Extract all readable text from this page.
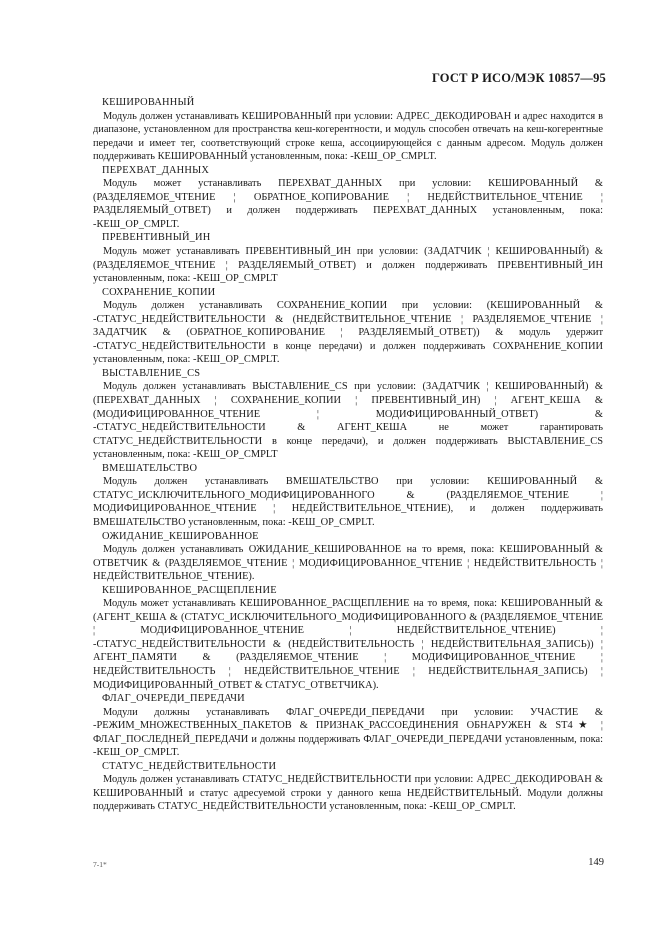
ГОСТ Р ИСО/МЭК 10857—95
КЕШИРОВАННЫЙ

Модуль должен устанавливать КЕШИРОВАННЫЙ при условии: АДРЕС_ДЕКОДИРОВАН и адрес находится в диапазоне, установленном для пространства кеш-когерентности, и модуль способен отвечать на кеш-когерентные передачи и имеет тег, соответствующий строке кеша, ассоциирующейся с данным адресом. Модуль должен поддерживать КЕШИРОВАННЫЙ установленным, пока: -КЕШ_OP_CMPLT.

ПЕРЕХВАТ_ДАННЫХ

Модуль может устанавливать ПЕРЕХВАТ_ДАННЫХ при условии: КЕШИРОВАННЫЙ & (РАЗДЕЛЯЕМОЕ_ЧТЕНИЕ ¦ ОБРАТНОЕ_КОПИРОВАНИЕ ¦ НЕДЕЙСТВИТЕЛЬНОЕ_ЧТЕНИЕ ¦ РАЗДЕЛЯЕМЫЙ_ОТВЕТ) и должен поддерживать ПЕРЕХВАТ_ДАННЫХ установленным, пока: -КЕШ_OP_CMPLT.

ПРЕВЕНТИВНЫЙ_ИН

Модуль может устанавливать ПРЕВЕНТИВНЫЙ_ИН при условии: (ЗАДАТЧИК ¦ КЕШИРОВАННЫЙ) & (РАЗДЕЛЯЕМОЕ_ЧТЕНИЕ ¦ РАЗДЕЛЯЕМЫЙ_ОТВЕТ) и должен поддерживать ПРЕВЕНТИВНЫЙ_ИН установленным, пока: -КЕШ_OP_CMPLT

СОХРАНЕНИЕ_КОПИИ

Модуль должен устанавливать СОХРАНЕНИЕ_КОПИИ при условии: (КЕШИРОВАННЫЙ & -СТАТУС_НЕДЕЙСТВИТЕЛЬНОСТИ & (НЕДЕЙСТВИТЕЛЬНОЕ_ЧТЕНИЕ ¦ РАЗДЕЛЯЕМОЕ_ЧТЕНИЕ ¦ ЗАДАТЧИК & (ОБРАТНОЕ_КОПИРОВАНИЕ ¦ РАЗДЕЛЯЕМЫЙ_ОТВЕТ)) & модуль удержит -СТАТУС_НЕДЕЙСТВИТЕЛЬНОСТИ в конце передачи) и должен поддерживать СОХРАНЕНИЕ_КОПИИ установленным, пока: -КЕШ_OP_CMPLT.

ВЫСТАВЛЕНИЕ_CS

Модуль должен устанавливать ВЫСТАВЛЕНИЕ_CS при условии: (ЗАДАТЧИК ¦ КЕШИРОВАННЫЙ) & (ПЕРЕХВАТ_ДАННЫХ ¦ СОХРАНЕНИЕ_КОПИИ ¦ ПРЕВЕНТИВНЫЙ_ИН) ¦ АГЕНТ_КЕША & (МОДИФИЦИРОВАННОЕ_ЧТЕНИЕ ¦ МОДИФИЦИРОВАННЫЙ_ОТВЕТ) & -СТАТУС_НЕДЕЙСТВИТЕЛЬНОСТИ & АГЕНТ_КЕША не может гарантировать СТАТУС_НЕДЕЙСТВИТЕЛЬНОСТИ в конце передачи), и должен поддерживать ВЫСТАВЛЕНИЕ_CS установленным, пока: -КЕШ_OP_CMPLT

ВМЕШАТЕЛЬСТВО

Модуль должен устанавливать ВМЕШАТЕЛЬСТВО при условии: КЕШИРОВАННЫЙ & СТАТУС_ИСКЛЮЧИТЕЛЬНОГО_МОДИФИЦИРОВАННОГО & (РАЗДЕЛЯЕМОЕ_ЧТЕНИЕ ¦ МОДИФИЦИРОВАННОЕ_ЧТЕНИЕ ¦ НЕДЕЙСТВИТЕЛЬНОЕ_ЧТЕНИЕ), и должен поддерживать ВМЕШАТЕЛЬСТВО установленным, пока: -КЕШ_OP_CMPLT.

ОЖИДАНИЕ_КЕШИРОВАННОЕ

Модуль должен устанавливать ОЖИДАНИЕ_КЕШИРОВАННОЕ на то время, пока: КЕШИРОВАННЫЙ & ОТВЕТЧИК & (РАЗДЕЛЯЕМОЕ_ЧТЕНИЕ ¦ МОДИФИЦИРОВАННОЕ_ЧТЕНИЕ ¦ НЕДЕЙСТВИТЕЛЬНОСТЬ ¦ НЕДЕЙСТВИТЕЛЬНОЕ_ЧТЕНИЕ).

КЕШИРОВАННОЕ_РАСЩЕПЛЕНИЕ

Модуль может устанавливать КЕШИРОВАННОЕ_РАСЩЕПЛЕНИЕ на то время, пока: КЕШИРОВАННЫЙ & (АГЕНТ_КЕША & (СТАТУС_ИСКЛЮЧИТЕЛЬНОГО_МОДИФИЦИРОВАННОГО & (РАЗДЕЛЯЕМОЕ_ЧТЕНИЕ ¦ МОДИФИЦИРОВАННОЕ_ЧТЕНИЕ ¦ НЕДЕЙСТВИТЕЛЬНОЕ_ЧТЕНИЕ) ¦ -СТАТУС_НЕДЕЙСТВИТЕЛЬНОСТИ & (НЕДЕЙСТВИТЕЛЬНОСТЬ ¦ НЕДЕЙСТВИТЕЛЬНАЯ_ЗАПИСЬ)) ¦ АГЕНТ_ПАМЯТИ & (РАЗДЕЛЯЕМОЕ_ЧТЕНИЕ ¦ МОДИФИЦИРОВАННОЕ_ЧТЕНИЕ ¦ НЕДЕЙСТВИТЕЛЬНОСТЬ ¦ НЕДЕЙСТВИТЕЛЬНОЕ_ЧТЕНИЕ ¦ НЕДЕЙСТВИТЕЛЬНАЯ_ЗАПИСЬ) ¦ МОДИФИЦИРОВАННЫЙ_ОТВЕТ & СТАТУС_ОТВЕТЧИКА).

ФЛАГ_ОЧЕРЕДИ_ПЕРЕДАЧИ

Модули должны устанавливать ФЛАГ_ОЧЕРЕДИ_ПЕРЕДАЧИ при условии: УЧАСТИЕ & -РЕЖИМ_МНОЖЕСТВЕННЫХ_ПАКЕТОВ & ПРИЗНАК_РАССОЕДИНЕНИЯ ОБНАРУЖЕН & ST4★ ¦ ФЛАГ_ПОСЛЕДНЕЙ_ПЕРЕДАЧИ и должны поддерживать ФЛАГ_ОЧЕРЕДИ_ПЕРЕДАЧИ установленным, пока: -КЕШ_OP_CMPLT.

СТАТУС_НЕДЕЙСТВИТЕЛЬНОСТИ

Модуль должен устанавливать СТАТУС_НЕДЕЙСТВИТЕЛЬНОСТИ при условии: АДРЕС_ДЕКОДИРОВАН & КЕШИРОВАННЫЙ и статус адресуемой строки у данного кеша НЕДЕЙСТВИТЕЛЬНЫЙ. Модули должны поддерживать СТАТУС_НЕДЕЙСТВИТЕЛЬНОСТИ установленным, пока: -КЕШ_OP_CMPLT.

7-1*	149
